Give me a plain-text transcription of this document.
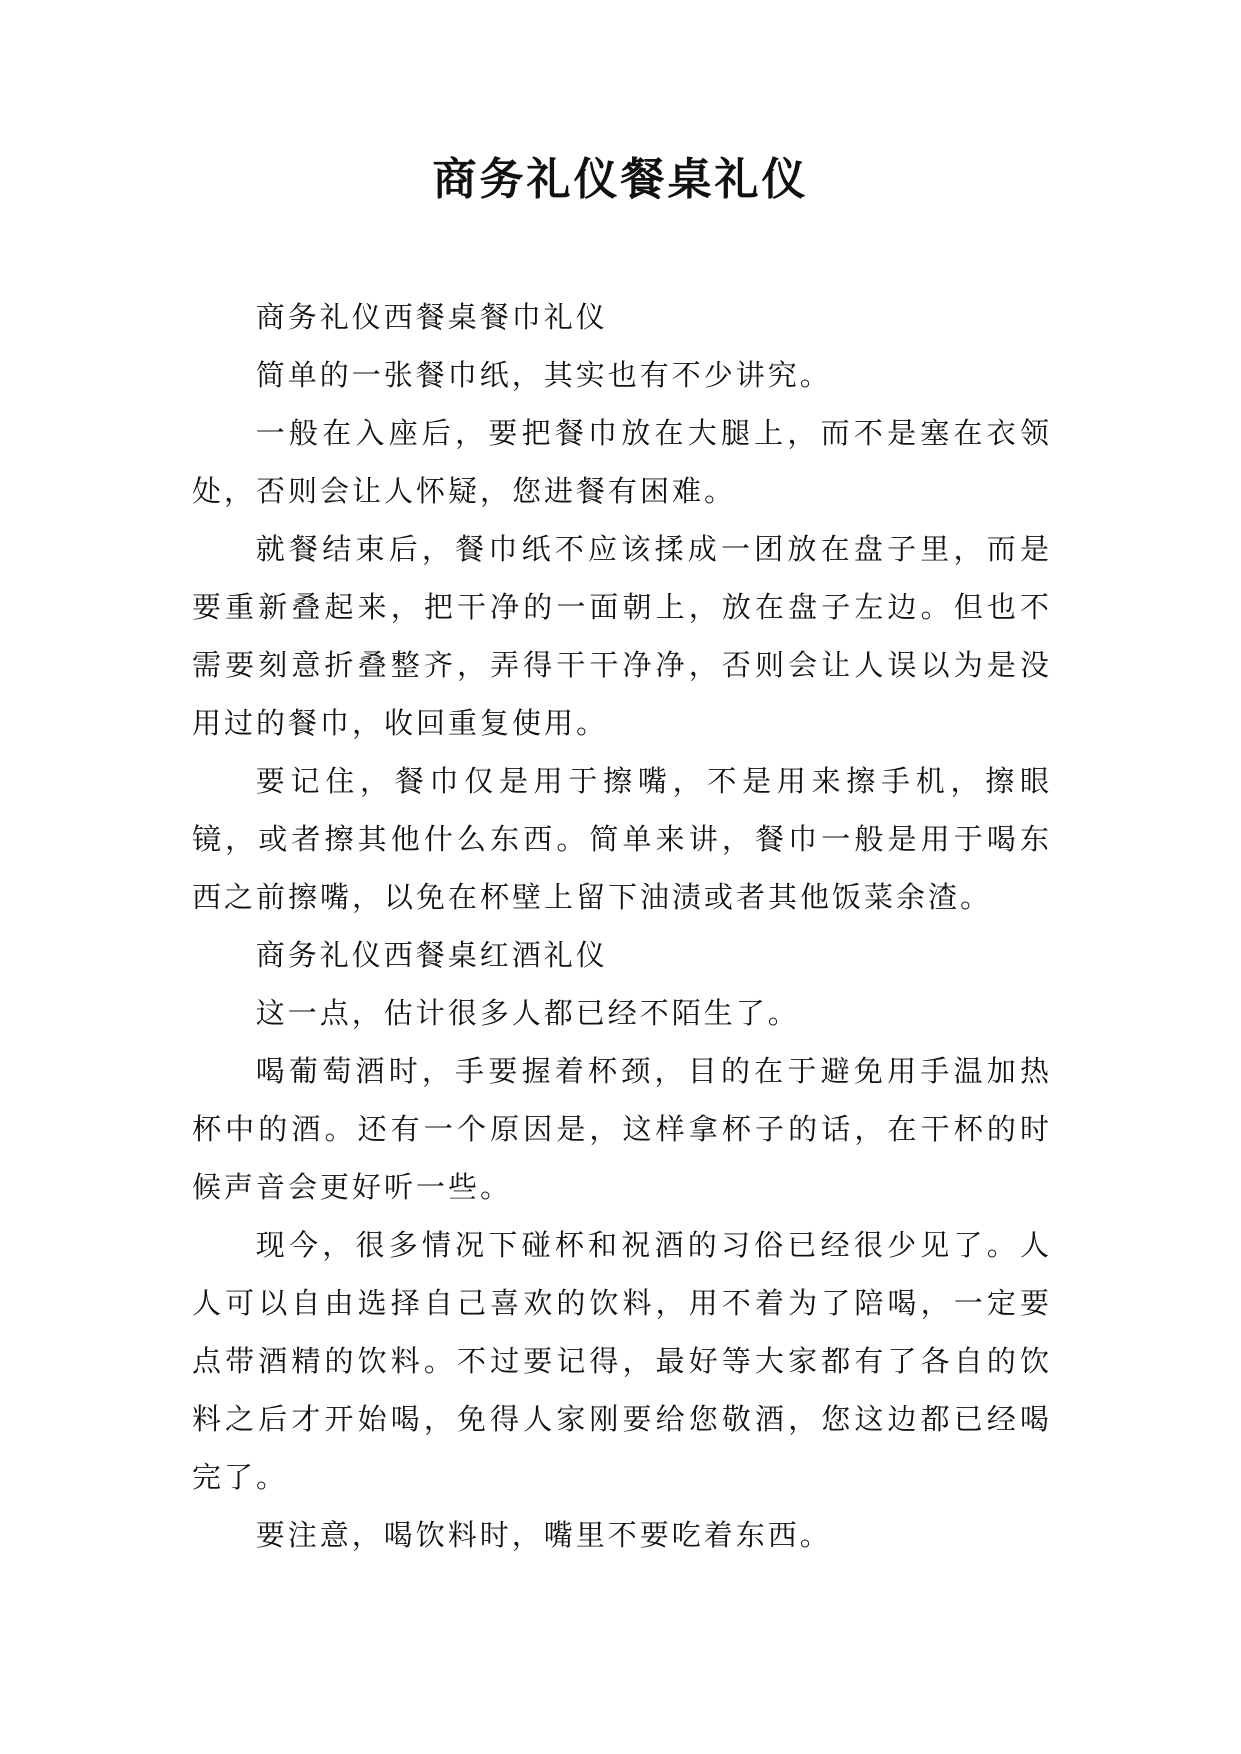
商务礼仪餐桌礼仪

商务礼仪西餐桌餐巾礼仪

简单的一张餐巾纸，其实也有不少讲究。

一般在入座后，要把餐巾放在大腿上，而不是塞在衣领处，否则会让人怀疑，您进餐有困难。

就餐结束后，餐巾纸不应该揉成一团放在盘子里，而是要重新叠起来，把干净的一面朝上，放在盘子左边。但也不需要刻意折叠整齐，弄得干干净净，否则会让人误以为是没用过的餐巾，收回重复使用。

要记住，餐巾仅是用于擦嘴，不是用来擦手机，擦眼镜，或者擦其他什么东西。简单来讲，餐巾一般是用于喝东西之前擦嘴，以免在杯壁上留下油渍或者其他饭菜余渣。

商务礼仪西餐桌红酒礼仪

这一点，估计很多人都已经不陌生了。

喝葡萄酒时，手要握着杯颈，目的在于避免用手温加热杯中的酒。还有一个原因是，这样拿杯子的话，在干杯的时候声音会更好听一些。

现今，很多情况下碰杯和祝酒的习俗已经很少见了。人人可以自由选择自己喜欢的饮料，用不着为了陪喝，一定要点带酒精的饮料。不过要记得，最好等大家都有了各自的饮料之后才开始喝，免得人家刚要给您敬酒，您这边都已经喝完了。

要注意，喝饮料时，嘴里不要吃着东西。
